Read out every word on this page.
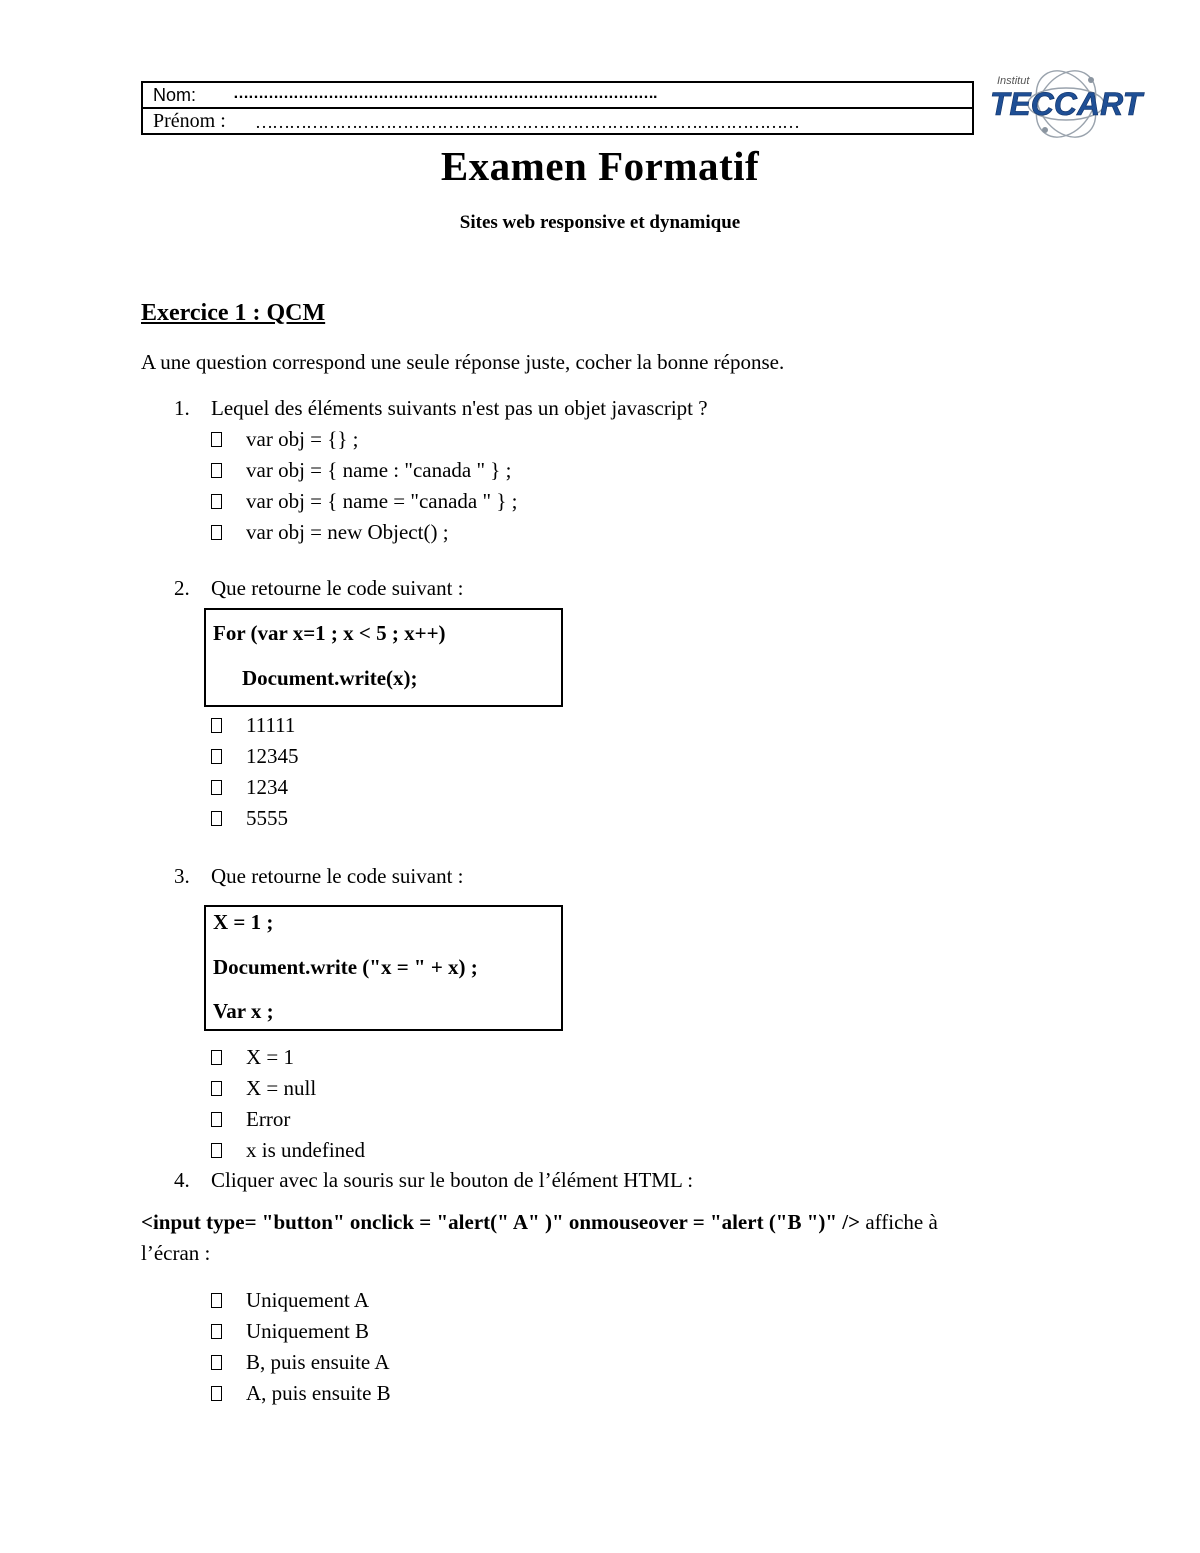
Nom: ………………………………………………………………………….
Prénom : ……………………………………………………………………………………
Institut
TECCART
Examen Formatif
Sites web responsive et dynamique
Exercice 1 : QCM
A une question correspond une seule réponse juste, cocher la bonne réponse.
1. Lequel des éléments suivants n'est pas un objet javascript ?
var obj = {} ;
var obj = { name : "canada " } ;
var obj = { name = "canada " } ;
var obj = new Object() ;
2. Que retourne le code suivant :
For (var x=1 ; x < 5 ; x++)
Document.write(x);
11111
12345
1234
5555
3. Que retourne le code suivant :
X = 1 ;
Document.write ("x = " + x) ;
Var x ;
X = 1
X = null
Error
x is undefined
4. Cliquer avec la souris sur le bouton de l’élément HTML :
<input type= "button" onclick = "alert(" A" )" onmouseover = "alert ("B ")" /> affiche à
l’écran :
Uniquement A
Uniquement B
B, puis ensuite A
A, puis ensuite B
